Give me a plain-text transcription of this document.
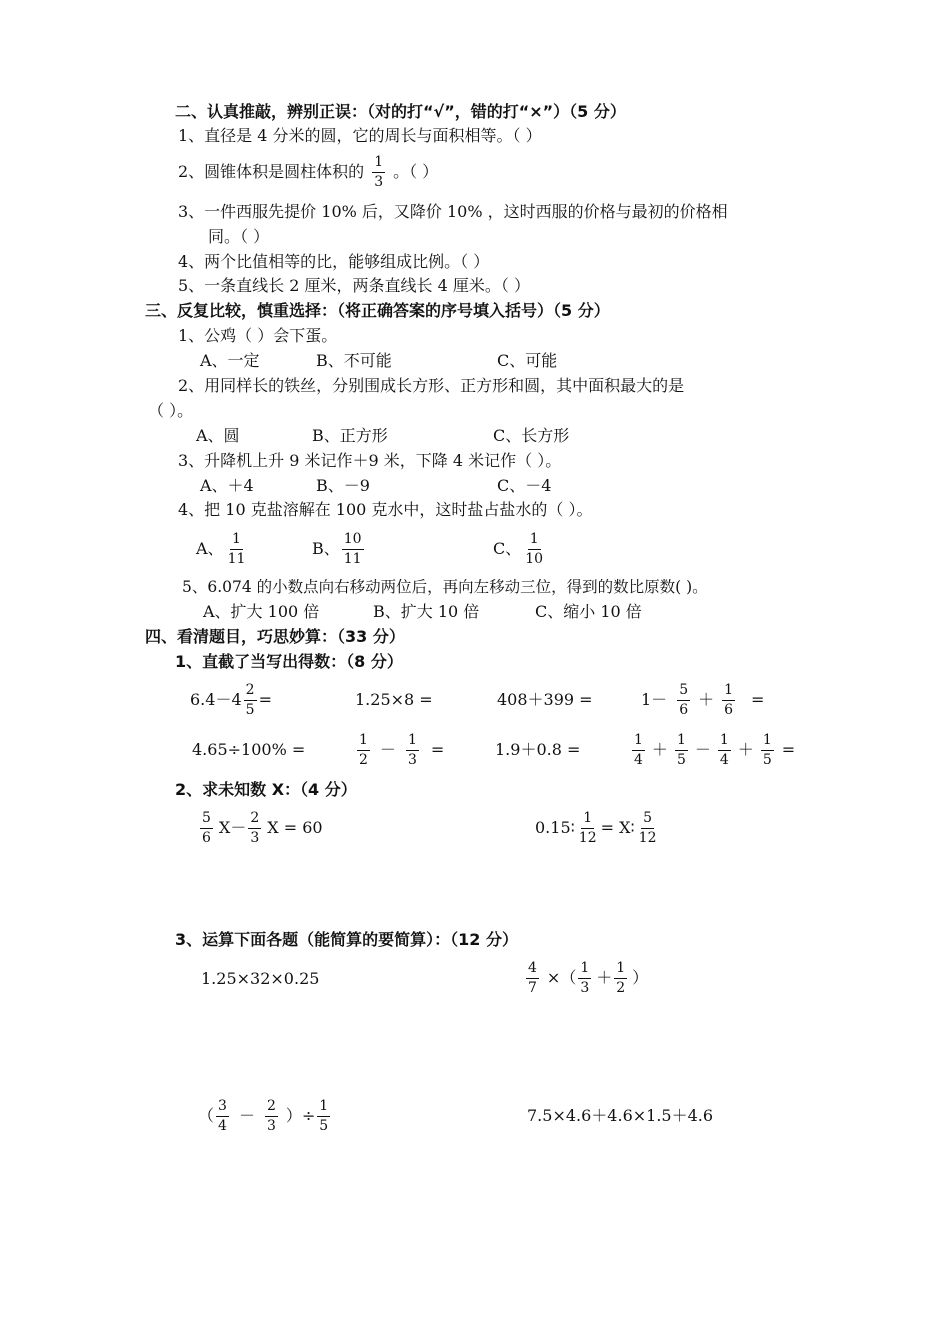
二、认真推敲，辨别正误：（对的打“√”，错的打“×”）（5 分）
1、直径是 4 分米的圆，它的周长与面积相等。（ ）
2、圆锥体积是圆柱体积的 $\frac{1}{3}$ 。（ ）
3、一件西服先提价 10% 后，又降价 10% ，这时西服的价格与最初的价格相
同。（ ）
4、两个比值相等的比，能够组成比例。（ ）
5、一条直线长 2 厘米，两条直线长 4 厘米。（ ）
三、反复比较，慎重选择：（将正确答案的序号填入括号）（5 分）
1、公鸡（ ）会下蛋。
A、一定	B、不可能	C、可能
2、用同样长的铁丝，分别围成长方形、正方形和圆，其中面积最大的是
（ ）。
A、圆	B、正方形	C、长方形
3、升降机上升 9 米记作＋9 米，下降 4 米记作（ ）。
A、＋4	B、－9	C、－4
4、把 10 克盐溶解在 100 克水中，这时盐占盐水的（ ）。
A、 $\frac{1}{11}$	B、 $\frac{10}{11}$	C、 $\frac{1}{10}$
5、6.074 的小数点向右移动两位后，再向左移动三位，得到的数比原数( )。
A、扩大 100 倍	B、扩大 10 倍	C、缩小 10 倍
四、看清题目，巧思妙算：（33 分）
1、直截了当写出得数：（8 分）
$6.4-4 \frac{2}{5}$ =	1.25×8 =	408＋399 =	$1- \frac{5}{6} + \frac{1}{6}$ =
4.65÷100% =	$\frac{1}{2} - \frac{1}{3}$ =	1.9＋0.8 =	$\frac{1}{4} + \frac{1}{5} - \frac{1}{4} + \frac{1}{5}$ =
2、求未知数 X：（4 分）
$\frac{5}{6} X- \frac{2}{3}$ X = 60	0.15∶ $\frac{1}{12}$ = X∶ $\frac{5}{12}$
3、运算下面各题（能简算的要简算）：（12 分）
1.25×32×0.25	$\frac{4}{7}$ ×（ $\frac{1}{3} + \frac{1}{2}$ ）
（ $\frac{3}{4} - \frac{2}{3}$ ）÷ $\frac{1}{5}$	7.5×4.6＋4.6×1.5＋4.6
